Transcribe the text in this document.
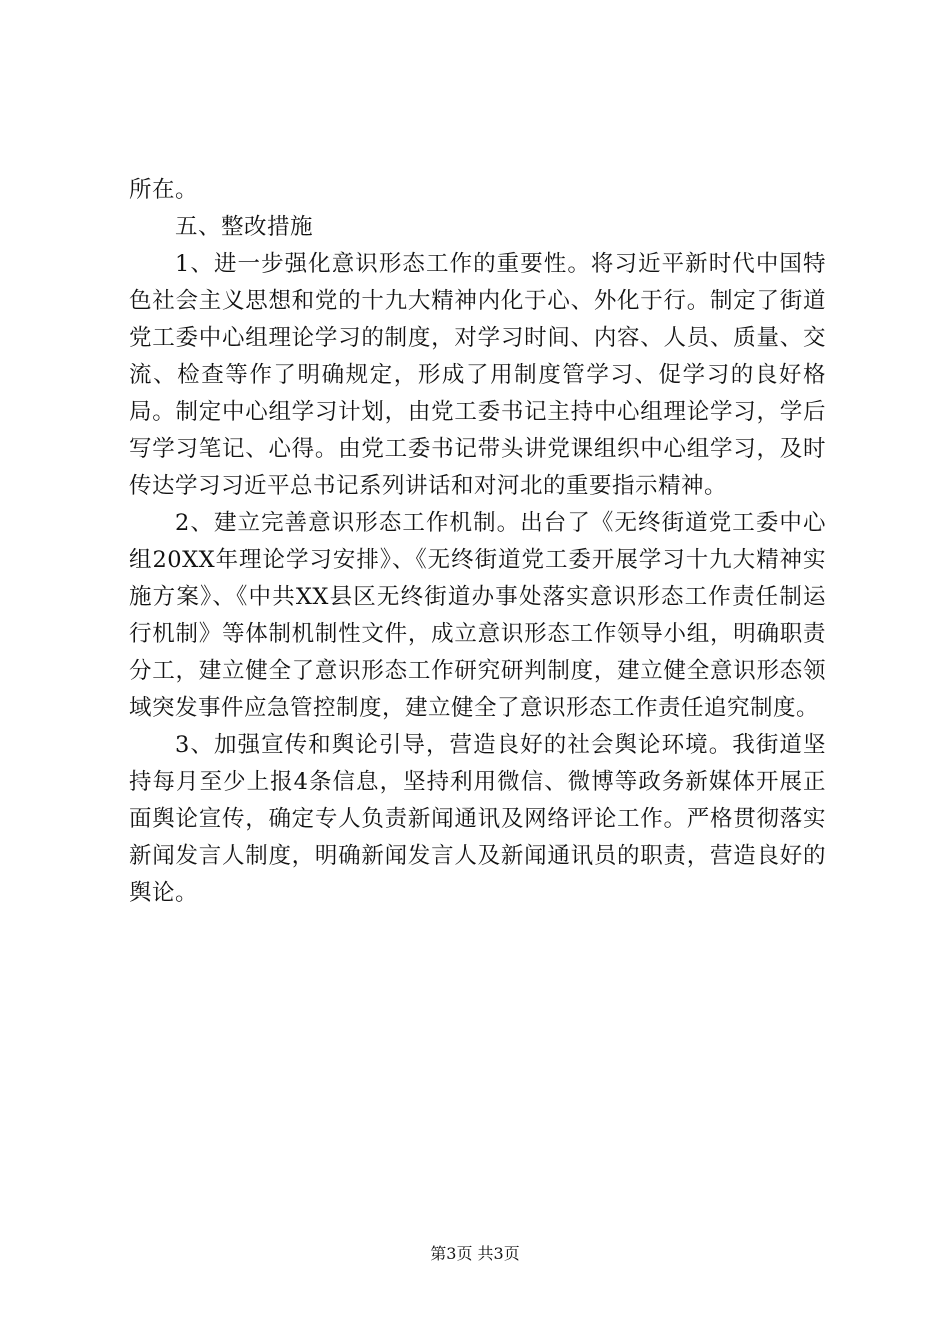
所在。

五、整改措施

1、进一步强化意识形态工作的重要性。将习近平新时代中国特色社会主义思想和党的十九大精神内化于心、外化于行。制定了街道党工委中心组理论学习的制度，对学习时间、内容、人员、质量、交流、检查等作了明确规定，形成了用制度管学习、促学习的良好格局。制定中心组学习计划，由党工委书记主持中心组理论学习，学后写学习笔记、心得。由党工委书记带头讲党课组织中心组学习，及时传达学习习近平总书记系列讲话和对河北的重要指示精神。

2、建立完善意识形态工作机制。出台了《无终街道党工委中心组20XX年理论学习安排》、《无终街道党工委开展学习十九大精神实施方案》、《中共XX县区无终街道办事处落实意识形态工作责任制运行机制》等体制机制性文件，成立意识形态工作领导小组，明确职责分工，建立健全了意识形态工作研究研判制度，建立健全意识形态领域突发事件应急管控制度，建立健全了意识形态工作责任追究制度。

3、加强宣传和舆论引导，营造良好的社会舆论环境。我街道坚持每月至少上报4条信息，坚持利用微信、微博等政务新媒体开展正面舆论宣传，确定专人负责新闻通讯及网络评论工作。严格贯彻落实新闻发言人制度，明确新闻发言人及新闻通讯员的职责，营造良好的舆论。

第3页 共3页
